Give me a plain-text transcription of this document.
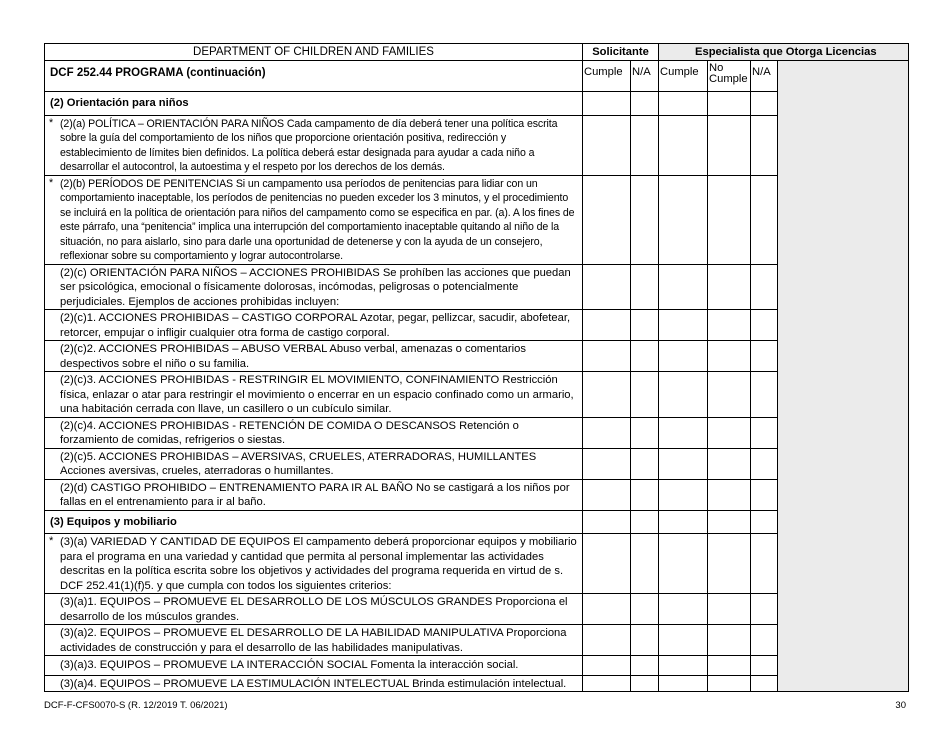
DEPARTMENT OF CHILDREN AND FAMILIES	Solicitante		Especialista que Otorga Licencias			
DCF 252.44 PROGRAMA (continuación)	Cumple	N/A	Cumple	No Cumple	N/A	
(2) Orientación para niños						

* (2)(a) POLÍTICA – ORIENTACIÓN PARA NIÑOS Cada campamento de día deberá tener una política escrita sobre la guía del comportamiento de los niños que proporcione orientación positiva, redirección y establecimiento de límites bien definidos. La política deberá estar designada para ayudar a cada niño a desarrollar el autocontrol, la autoestima y el respeto por los derechos de los demás.						

* (2)(b) PERÍODOS DE PENITENCIAS Si un campamento usa períodos de penitencias para lidiar con un comportamiento inaceptable, los períodos de penitencias no pueden exceder los 3 minutos, y el procedimiento se incluirá en la política de orientación para niños del campamento como se especifica en par. (a). A los fines de este párrafo, una “penitencia” implica una interrupción del comportamiento inaceptable quitando al niño de la situación, no para aislarlo, sino para darle una oportunidad de detenerse y con la ayuda de un consejero, reflexionar sobre su comportamiento y lograr autocontrolarse.						
(2)(c) ORIENTACIÓN PARA NIÑOS – ACCIONES PROHIBIDAS Se prohíben las acciones que puedan ser psicológica, emocional o físicamente dolorosas, incómodas, peligrosas o potencialmente perjudiciales. Ejemplos de acciones prohibidas incluyen:						
(2)(c)1. ACCIONES PROHIBIDAS – CASTIGO CORPORAL Azotar, pegar, pellizcar, sacudir, abofetear, retorcer, empujar o infligir cualquier otra forma de castigo corporal.						
(2)(c)2. ACCIONES PROHIBIDAS – ABUSO VERBAL Abuso verbal, amenazas o comentarios despectivos sobre el niño o su familia.						
(2)(c)3. ACCIONES PROHIBIDAS - RESTRINGIR EL MOVIMIENTO, CONFINAMIENTO Restricción física, enlazar o atar para restringir el movimiento o encerrar en un espacio confinado como un armario, una habitación cerrada con llave, un casillero o un cubículo similar.						
(2)(c)4. ACCIONES PROHIBIDAS - RETENCIÓN DE COMIDA O DESCANSOS Retención o forzamiento de comidas, refrigerios o siestas.						
(2)(c)5. ACCIONES PROHIBIDAS – AVERSIVAS, CRUELES, ATERRADORAS, HUMILLANTES Acciones aversivas, crueles, aterradoras o humillantes.						
(2)(d) CASTIGO PROHIBIDO – ENTRENAMIENTO PARA IR AL BAÑO No se castigará a los niños por fallas en el entrenamiento para ir al baño.						
(3) Equipos y mobiliario						

* (3)(a) VARIEDAD Y CANTIDAD DE EQUIPOS El campamento deberá proporcionar equipos y mobiliario para el programa en una variedad y cantidad que permita al personal implementar las actividades descritas en la política escrita sobre los objetivos y actividades del programa requerida en virtud de s. DCF 252.41(1)(f)5. y que cumpla con todos los siguientes criterios:						
(3)(a)1. EQUIPOS – PROMUEVE EL DESARROLLO DE LOS MÚSCULOS GRANDES Proporciona el desarrollo de los músculos grandes.						
(3)(a)2. EQUIPOS – PROMUEVE EL DESARROLLO DE LA HABILIDAD MANIPULATIVA Proporciona actividades de construcción y para el desarrollo de las habilidades manipulativas.						
(3)(a)3. EQUIPOS – PROMUEVE LA INTERACCIÓN SOCIAL Fomenta la interacción social.						
(3)(a)4. EQUIPOS – PROMUEVE LA ESTIMULACIÓN INTELECTUAL Brinda estimulación intelectual.						
DCF-F-CFS0070-S (R. 12/2019 T. 06/2021)	30
